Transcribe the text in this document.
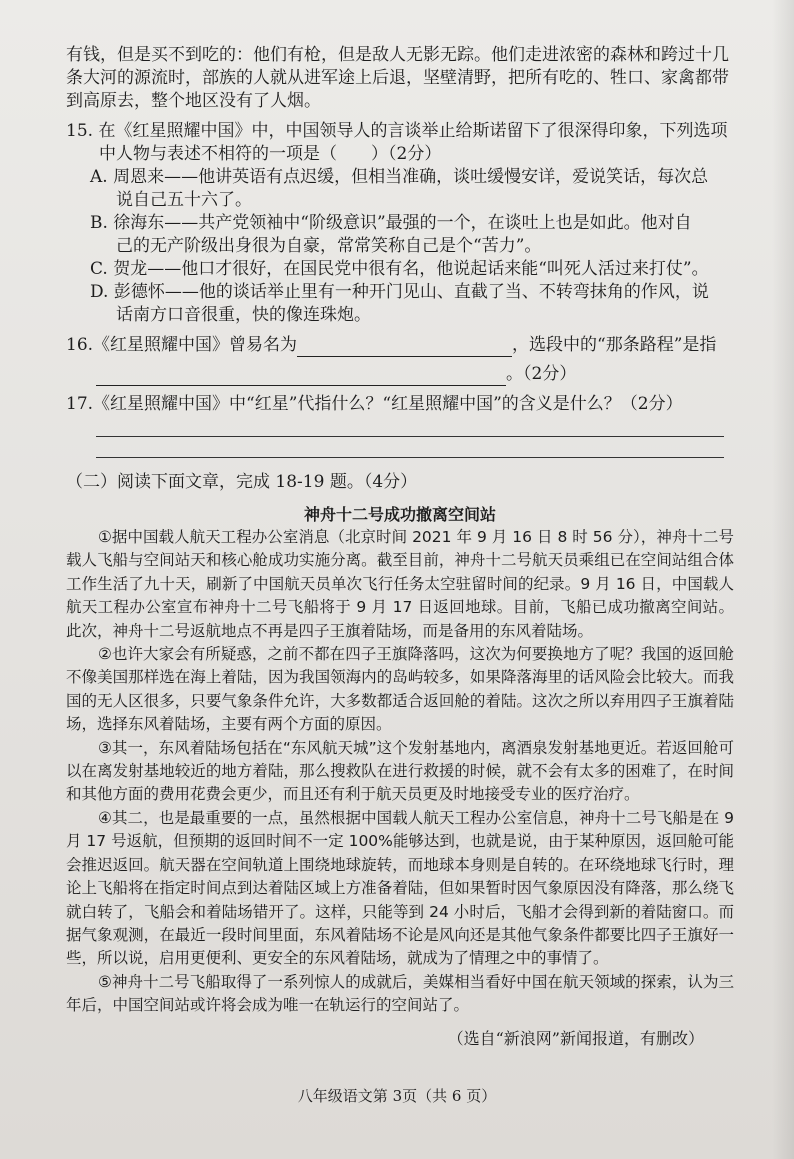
有钱，但是买不到吃的：他们有枪，但是敌人无影无踪。他们走进浓密的森林和跨过十几
条大河的源流时，部族的人就从进军途上后退，坚壁清野，把所有吃的、牲口、家禽都带
到高原去，整个地区没有了人烟。
15. 在《红星照耀中国》中，中国领导人的言谈举止给斯诺留下了很深得印象，下列选项
中人物与表述不相符的一项是（　　）（2分）
A. 周恩来——他讲英语有点迟缓，但相当准确，谈吐缓慢安详，爱说笑话，每次总
说自己五十六了。
B. 徐海东——共产党领袖中“阶级意识”最强的一个，在谈吐上也是如此。他对自
己的无产阶级出身很为自豪，常常笑称自己是个“苦力”。
C. 贺龙——他口才很好，在国民党中很有名，他说起话来能“叫死人活过来打仗”。
D. 彭德怀——他的谈话举止里有一种开门见山、直截了当、不转弯抹角的作风，说
话南方口音很重，快的像连珠炮。
16.《红星照耀中国》曾易名为	，选段中的“那条路程”是指
。（2分）
17.《红星照耀中国》中“红星”代指什么？“红星照耀中国”的含义是什么？（2分）
（二）阅读下面文章，完成 18-19 题。（4分）
神舟十二号成功撤离空间站

①据中国载人航天工程办公室消息（北京时间 2021 年 9 月 16 日 8 时 56 分），神舟十二号载人飞船与空间站天和核心舱成功实施分离。截至目前，神舟十二号航天员乘组已在空间站组合体工作生活了九十天，刷新了中国航天员单次飞行任务太空驻留时间的纪录。9 月 16 日，中国载人航天工程办公室宣布神舟十二号飞船将于 9 月 17 日返回地球。目前，飞船已成功撤离空间站。此次，神舟十二号返航地点不再是四子王旗着陆场，而是备用的东风着陆场。

②也许大家会有所疑惑，之前不都在四子王旗降落吗，这次为何要换地方了呢？我国的返回舱不像美国那样选在海上着陆，因为我国领海内的岛屿较多，如果降落海里的话风险会比较大。而我国的无人区很多，只要气象条件允许，大多数都适合返回舱的着陆。这次之所以弃用四子王旗着陆场，选择东风着陆场，主要有两个方面的原因。

③其一，东风着陆场包括在“东风航天城”这个发射基地内，离酒泉发射基地更近。若返回舱可以在离发射基地较近的地方着陆，那么搜救队在进行救援的时候，就不会有太多的困难了，在时间和其他方面的费用花费会更少，而且还有利于航天员更及时地接受专业的医疗治疗。

④其二，也是最重要的一点，虽然根据中国载人航天工程办公室信息，神舟十二号飞船是在 9 月 17 号返航，但预期的返回时间不一定 100%能够达到，也就是说，由于某种原因，返回舱可能会推迟返回。航天器在空间轨道上围绕地球旋转，而地球本身则是自转的。在环绕地球飞行时，理论上飞船将在指定时间点到达着陆区域上方准备着陆，但如果暂时因气象原因没有降落，那么绕飞就白转了，飞船会和着陆场错开了。这样，只能等到 24 小时后，飞船才会得到新的着陆窗口。而据气象观测，在最近一段时间里面，东风着陆场不论是风向还是其他气象条件都要比四子王旗好一些，所以说，启用更便利、更安全的东风着陆场，就成为了情理之中的事情了。

⑤神舟十二号飞船取得了一系列惊人的成就后，美媒相当看好中国在航天领域的探索，认为三年后，中国空间站或许将会成为唯一在轨运行的空间站了。

（选自“新浪网”新闻报道，有删改）
八年级语文第 3页（共 6 页）
